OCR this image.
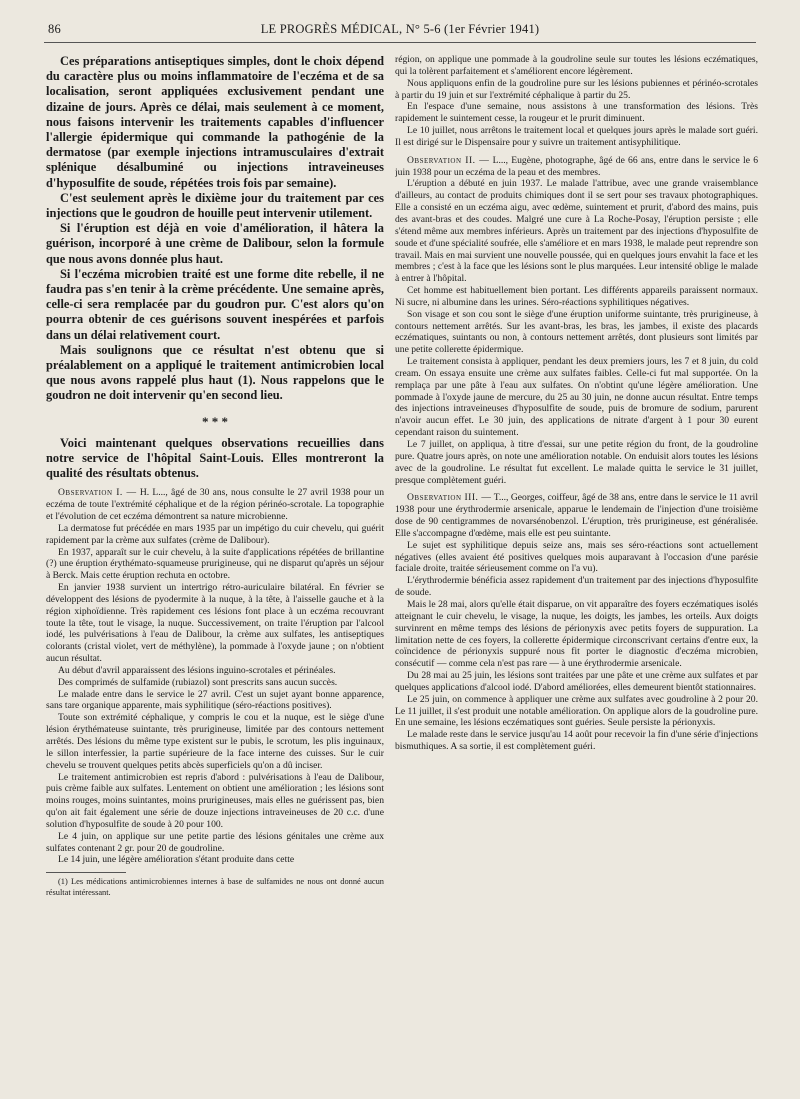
86	LE PROGRÈS MÉDICAL, N° 5-6 (1er Février 1941)

Ces préparations antiseptiques simples, dont le choix dépend du caractère plus ou moins inflammatoire de l'eczéma et de sa localisation, seront appliquées exclusivement pendant une dizaine de jours. Après ce délai, mais seulement à ce moment, nous faisons intervenir les traitements capables d'influencer l'allergie épidermique qui commande la pathogénie de la dermatose (par exemple injections intramusculaires d'extrait splénique désalbuminé ou injections intraveineuses d'hyposulfite de soude, répétées trois fois par semaine).

C'est seulement après le dixième jour du traitement par ces injections que le goudron de houille peut intervenir utilement.

Si l'éruption est déjà en voie d'amélioration, il hâtera la guérison, incorporé à une crème de Dalibour, selon la formule que nous avons donnée plus haut.

Si l'eczéma microbien traité est une forme dite rebelle, il ne faudra pas s'en tenir à la crème précédente. Une semaine après, celle-ci sera remplacée par du goudron pur. C'est alors qu'on pourra obtenir de ces guérisons souvent inespérées et parfois dans un délai relativement court.

Mais soulignons que ce résultat n'est obtenu que si préalablement on a appliqué le traitement antimicrobien local que nous avons rappelé plus haut (1). Nous rappelons que le goudron ne doit intervenir qu'en second lieu.

* * *

Voici maintenant quelques observations recueillies dans notre service de l'hôpital Saint-Louis. Elles montreront la qualité des résultats obtenus.

Observation I. — H. L..., âgé de 30 ans, nous consulte le 27 avril 1938 pour un eczéma de toute l'extrémité céphalique et de la région périnéo-scrotale. La topographie et l'évolution de cet eczéma démontrent sa nature microbienne.

La dermatose fut précédée en mars 1935 par un impétigo du cuir chevelu, qui guérit rapidement par la crème aux sulfates (crème de Dalibour).

En 1937, apparaît sur le cuir chevelu, à la suite d'applications répétées de brillantine (?) une éruption érythémato-squameuse prurigineuse, qui ne disparut qu'après un séjour à Berck. Mais cette éruption rechuta en octobre.

En janvier 1938 survient un intertrigo rétro-auriculaire bilatéral. En février se développent des lésions de pyodermite à la nuque, à la tête, à l'aisselle gauche et à la région xiphoïdienne. Très rapidement ces lésions font place à un eczéma recouvrant toute la tête, tout le visage, la nuque. Successivement, on traite l'éruption par l'alcool iodé, les pulvérisations à l'eau de Dalibour, la crème aux sulfates, les antiseptiques colorants (cristal violet, vert de méthylène), la pommade à l'oxyde jaune ; on n'obtient aucun résultat.

Au début d'avril apparaissent des lésions inguino-scrotales et périnéales.

Des comprimés de sulfamide (rubiazol) sont prescrits sans aucun succès.

Le malade entre dans le service le 27 avril. C'est un sujet ayant bonne apparence, sans tare organique apparente, mais syphilitique (séro-réactions positives).

Toute son extrémité céphalique, y compris le cou et la nuque, est le siège d'une lésion érythémateuse suintante, très prurigineuse, limitée par des contours nettement arrêtés. Des lésions du même type existent sur le pubis, le scrotum, les plis inguinaux, le sillon interfessier, la partie supérieure de la face interne des cuisses. Sur le cuir chevelu se trouvent quelques petits abcès superficiels qu'on a dû inciser.

Le traitement antimicrobien est repris d'abord : pulvérisations à l'eau de Dalibour, puis crème faible aux sulfates. Lentement on obtient une amélioration ; les lésions sont moins rouges, moins suintantes, moins prurigineuses, mais elles ne guérissent pas, bien qu'on ait fait également une série de douze injections intraveineuses de 20 c.c. d'une solution d'hyposulfite de soude à 20 pour 100.

Le 4 juin, on applique sur une petite partie des lésions génitales une crème aux sulfates contenant 2 gr. pour 20 de goudroline.

Le 14 juin, une légère amélioration s'étant produite dans cette

(1) Les médications antimicrobiennes internes à base de sulfamides ne nous ont donné aucun résultat intéressant.

région, on applique une pommade à la goudroline seule sur toutes les lésions eczématiques, qui la tolèrent parfaitement et s'améliorent encore légèrement.

Nous appliquons enfin de la goudroline pure sur les lésions pubiennes et périnéo-scrotales à partir du 19 juin et sur l'extrémité céphalique à partir du 25.

En l'espace d'une semaine, nous assistons à une transformation des lésions. Très rapidement le suintement cesse, la rougeur et le prurit diminuent.

Le 10 juillet, nous arrêtons le traitement local et quelques jours après le malade sort guéri. Il est dirigé sur le Dispensaire pour y suivre un traitement antisyphilitique.

Observation II. — L..., Eugène, photographe, âgé de 66 ans, entre dans le service le 6 juin 1938 pour un eczéma de la peau et des membres.

L'éruption a débuté en juin 1937. Le malade l'attribue, avec une grande vraisemblance d'ailleurs, au contact de produits chimiques dont il se sert pour ses travaux photographiques. Elle a consisté en un eczéma aigu, avec œdème, suintement et prurit, d'abord des mains, puis des avant-bras et des coudes. Malgré une cure à La Roche-Posay, l'éruption persiste ; elle s'étend même aux membres inférieurs. Après un traitement par des injections d'hyposulfite de soude et d'une spécialité soufrée, elle s'améliore et en mars 1938, le malade peut reprendre son travail. Mais en mai survient une nouvelle poussée, qui en quelques jours envahit la face et les membres ; c'est à la face que les lésions sont le plus marquées. Leur intensité oblige le malade à entrer à l'hôpital.

Cet homme est habituellement bien portant. Les différents appareils paraissent normaux. Ni sucre, ni albumine dans les urines. Séro-réactions syphilitiques négatives.

Son visage et son cou sont le siège d'une éruption uniforme suintante, très prurigineuse, à contours nettement arrêtés. Sur les avant-bras, les bras, les jambes, il existe des placards eczématiques, suintants ou non, à contours nettement arrêtés, dont plusieurs sont limités par une petite collerette épidermique.

Le traitement consista à appliquer, pendant les deux premiers jours, les 7 et 8 juin, du cold cream. On essaya ensuite une crème aux sulfates faibles. Celle-ci fut mal supportée. On la remplaça par une pâte à l'eau aux sulfates. On n'obtint qu'une légère amélioration. Une pommade à l'oxyde jaune de mercure, du 25 au 30 juin, ne donne aucun résultat. Entre temps des injections intraveineuses d'hyposulfite de soude, puis de bromure de sodium, parurent n'avoir aucun effet. Le 30 juin, des applications de nitrate d'argent à 1 pour 30 eurent cependant raison du suintement.

Le 7 juillet, on appliqua, à titre d'essai, sur une petite région du front, de la goudroline pure. Quatre jours après, on note une amélioration notable. On enduisit alors toutes les lésions avec de la goudroline. Le résultat fut excellent. Le malade quitta le service le 31 juillet, presque complètement guéri.

Observation III. — T..., Georges, coiffeur, âgé de 38 ans, entre dans le service le 11 avril 1938 pour une érythrodermie arsenicale, apparue le lendemain de l'injection d'une troisième dose de 90 centigrammes de novarsénobenzol. L'éruption, très prurigineuse, est généralisée. Elle s'accompagne d'œdème, mais elle est peu suintante.

Le sujet est syphilitique depuis seize ans, mais ses séro-réactions sont actuellement négatives (elles avaient été positives quelques mois auparavant à l'occasion d'une parésie faciale droite, traitée sérieusement comme on l'a vu).

L'érythrodermie bénéficia assez rapidement d'un traitement par des injections d'hyposulfite de soude.

Mais le 28 mai, alors qu'elle était disparue, on vit apparaître des foyers eczématiques isolés atteignant le cuir chevelu, le visage, la nuque, les doigts, les jambes, les orteils. Aux doigts survinrent en même temps des lésions de périonyxis avec petits foyers de suppuration. La limitation nette de ces foyers, la collerette épidermique circonscrivant certains d'entre eux, la coïncidence de périonyxis suppuré nous fit porter le diagnostic d'eczéma microbien, consécutif — comme cela n'est pas rare — à une érythrodermie arsenicale.

Du 28 mai au 25 juin, les lésions sont traitées par une pâte et une crème aux sulfates et par quelques applications d'alcool iodé. D'abord améliorées, elles demeurent bientôt stationnaires.

Le 25 juin, on commence à appliquer une crème aux sulfates avec goudroline à 2 pour 20. Le 11 juillet, il s'est produit une notable amélioration. On applique alors de la goudroline pure. En une semaine, les lésions eczématiques sont guéries. Seule persiste la périonyxis.

Le malade reste dans le service jusqu'au 14 août pour recevoir la fin d'une série d'injections bismuthiques. A sa sortie, il est complètement guéri.
